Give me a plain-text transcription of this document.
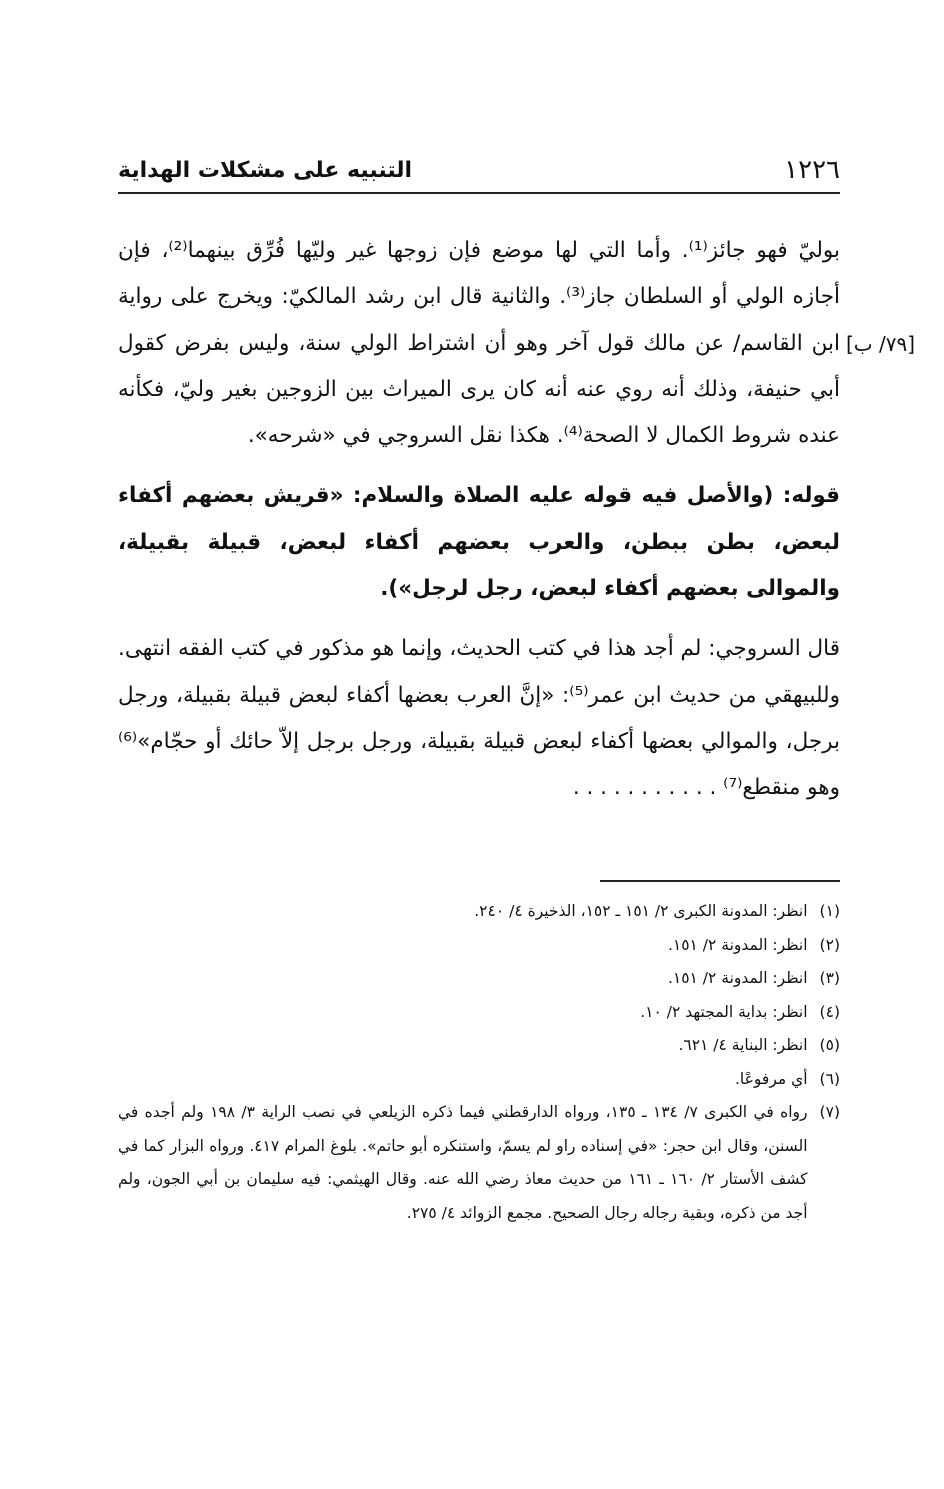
١٢٢٦
التنبيه على مشكلات الهداية
[٧٩/ ب]

بوليّ فهو جائز⁽¹⁾. وأما التي لها موضع فإن زوجها غير وليّها فُرِّق بينهما⁽²⁾، فإن أجازه الولي أو السلطان جاز⁽³⁾. والثانية قال ابن رشد المالكيّ: ويخرج على رواية ابن القاسم/ عن مالك قول آخر وهو أن اشتراط الولي سنة، وليس بفرض كقول أبي حنيفة، وذلك أنه روي عنه أنه كان يرى الميراث بين الزوجين بغير وليّ، فكأنه عنده شروط الكمال لا الصحة⁽⁴⁾. هكذا نقل السروجي في «شرحه».

قوله: (والأصل فيه قوله عليه الصلاة والسلام: «قريش بعضهم أكفاء لبعض، بطن ببطن، والعرب بعضهم أكفاء لبعض، قبيلة بقبيلة، والموالى بعضهم أكفاء لبعض، رجل لرجل»).

قال السروجي: لم أجد هذا في كتب الحديث، وإنما هو مذكور في كتب الفقه انتهى. وللبيهقي من حديث ابن عمر⁽⁵⁾: «إنَّ العرب بعضها أكفاء لبعض قبيلة بقبيلة، ورجل برجل، والموالي بعضها أكفاء لبعض قبيلة بقبيلة، ورجل برجل إلاّ حائك أو حجّام»⁽⁶⁾ وهو منقطع⁽⁷⁾ . . . . . . . . . . .

(١)
انظر: المدونة الكبرى ٢/ ١٥١ ـ ١٥٢، الذخيرة ٤/ ٢٤٠.
(٢)
انظر: المدونة ٢/ ١٥١.
(٣)
انظر: المدونة ٢/ ١٥١.
(٤)
انظر: بداية المجتهد ٢/ ١٠.
(٥)
انظر: البناية ٤/ ٦٢١.
(٦)
أي مرفوعًا.
(٧)
رواه في الكبرى ٧/ ١٣٤ ـ ١٣٥، ورواه الدارقطني فيما ذكره الزيلعي في نصب الراية ٣/ ١٩٨ ولم أجده في السنن، وقال ابن حجر: «في إسناده راو لم يسمّ، واستنكره أبو حاتم». بلوغ المرام ٤١٧. ورواه البزار كما في كشف الأستار ٢/ ١٦٠ ـ ١٦١ من حديث معاذ رضي الله عنه. وقال الهيثمي: فيه سليمان بن أبي الجون، ولم أجد من ذكره، وبقية رجاله رجال الصحيح. مجمع الزوائد ٤/ ٢٧٥.
